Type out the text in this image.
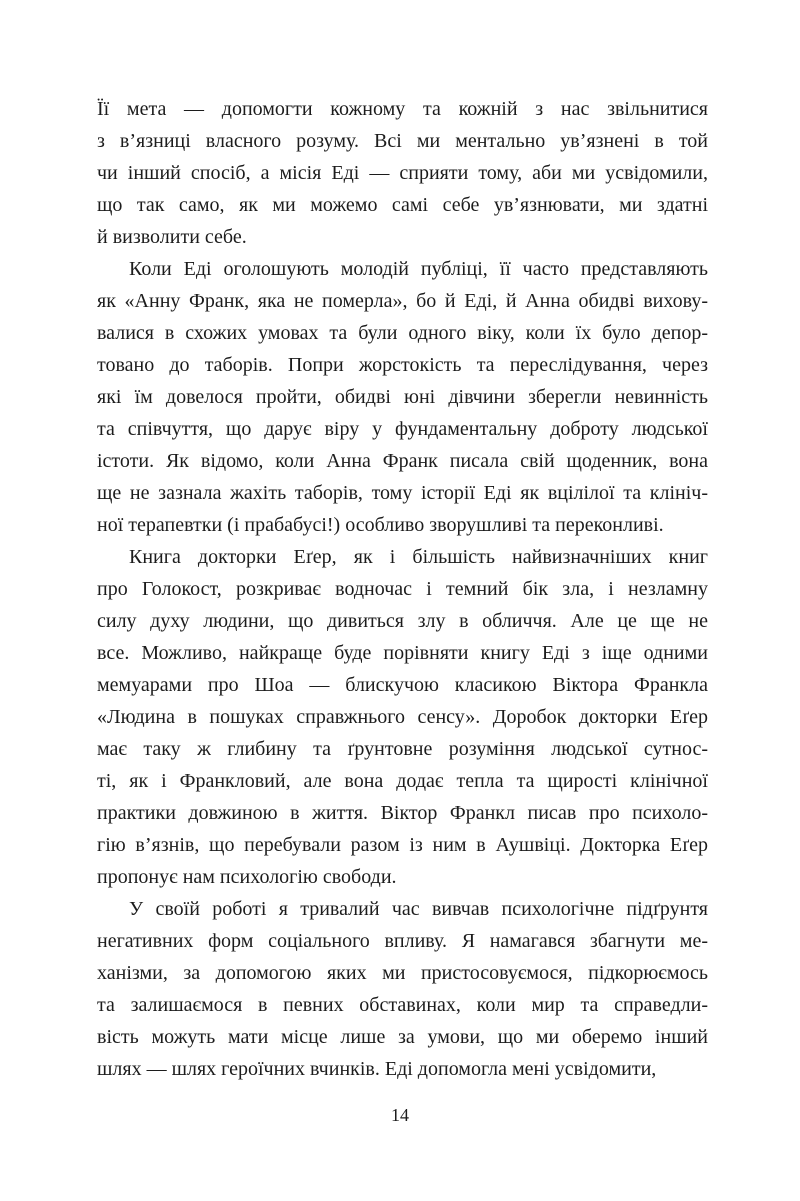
Її мета — допомогти кожному та кожній з нас звільнитися
з в’язниці власного розуму. Всі ми ментально ув’язнені в той
чи інший спосіб, а місія Еді — сприяти тому, аби ми усвідомили,
що так само, як ми можемо самі себе ув’язнювати, ми здатні
й визволити себе.
Коли Еді оголошують молодій публіці, її часто представляють
як «Анну Франк, яка не померла», бо й Еді, й Анна обидві вихову-
валися в схожих умовах та були одного віку, коли їх було депор-
товано до таборів. Попри жорстокість та переслідування, через
які їм довелося пройти, обидві юні дівчини зберегли невинність
та співчуття, що дарує віру у фундаментальну доброту людської
істоти. Як відомо, коли Анна Франк писала свій щоденник, вона
ще не зазнала жахіть таборів, тому історії Еді як вцілілої та клініч-
ної терапевтки (і прабабусі!) особливо зворушливі та переконливі.
Книга докторки Еґер, як і більшість найвизначніших книг
про Голокост, розкриває водночас і темний бік зла, і незламну
силу духу людини, що дивиться злу в обличчя. Але це ще не
все. Можливо, найкраще буде порівняти книгу Еді з іще одними
мемуарами про Шоа — блискучою класикою Віктора Франкла
«Людина в пошуках справжнього сенсу». Доробок докторки Еґер
має таку ж глибину та ґрунтовне розуміння людської сутнос-
ті, як і Франкловий, але вона додає тепла та щирості клінічної
практики довжиною в життя. Віктор Франкл писав про психоло-
гію в’язнів, що перебували разом із ним в Аушвіці. Докторка Еґер
пропонує нам психологію свободи.
У своїй роботі я тривалий час вивчав психологічне підґрунтя
негативних форм соціального впливу. Я намагався збагнути ме-
ханізми, за допомогою яких ми пристосовуємося, підкорюємось
та залишаємося в певних обставинах, коли мир та справедли-
вість можуть мати місце лише за умови, що ми оберемо інший
шлях — шлях героїчних вчинків. Еді допомогла мені усвідомити,
14
